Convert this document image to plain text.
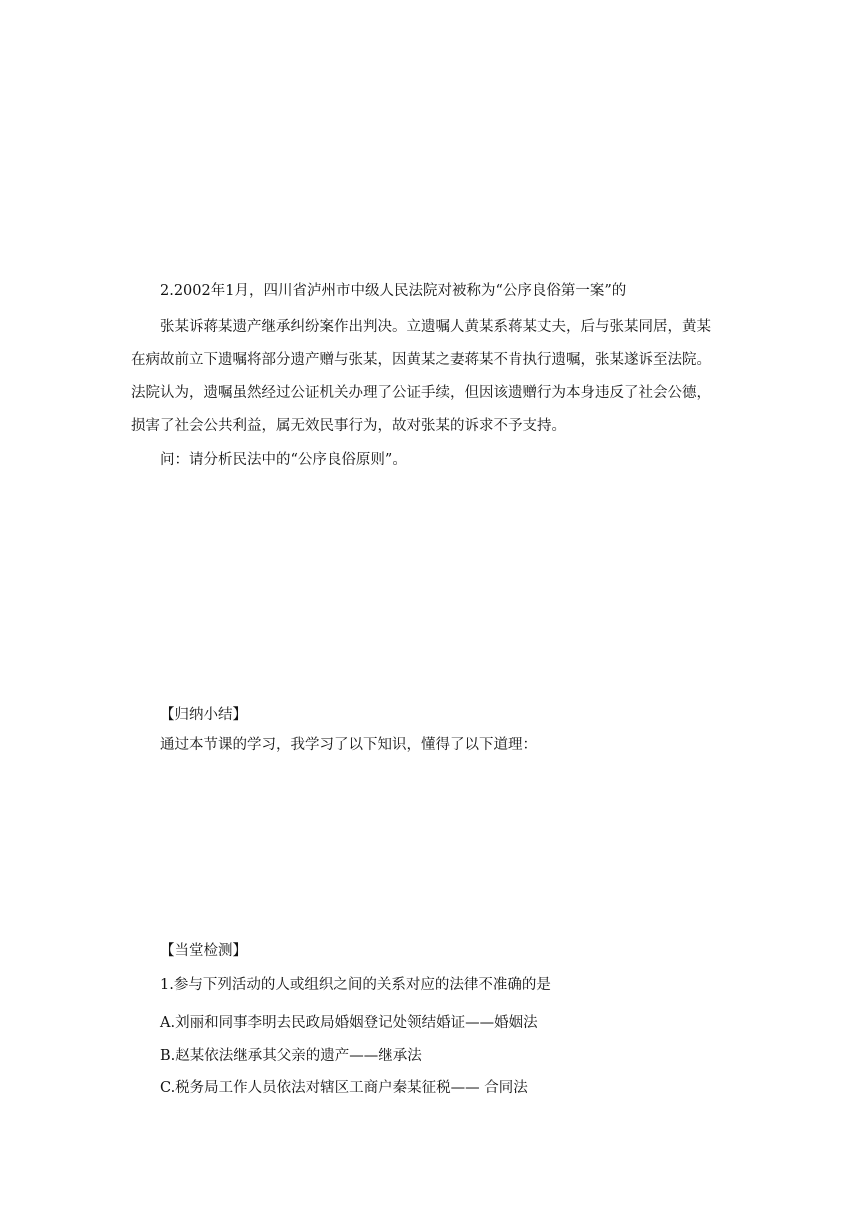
2.2002年1月，四川省泸州市中级人民法院对被称为“公序良俗第一案”的
张某诉蒋某遗产继承纠纷案作出判决。立遗嘱人黄某系蒋某丈夫，后与张某同居，黄某
在病故前立下遗嘱将部分遗产赠与张某，因黄某之妻蒋某不肯执行遗嘱，张某遂诉至法院。
法院认为，遗嘱虽然经过公证机关办理了公证手续，但因该遗赠行为本身违反了社会公德，
损害了社会公共利益，属无效民事行为，故对张某的诉求不予支持。
问：请分析民法中的“公序良俗原则”。
【归纳小结】
通过本节课的学习，我学习了以下知识，懂得了以下道理：
【当堂检测】
1.参与下列活动的人或组织之间的关系对应的法律不准确的是
A.刘丽和同事李明去民政局婚姻登记处领结婚证——婚姻法
B.赵某依法继承其父亲的遗产——继承法
C.税务局工作人员依法对辖区工商户秦某征税—— 合同法
